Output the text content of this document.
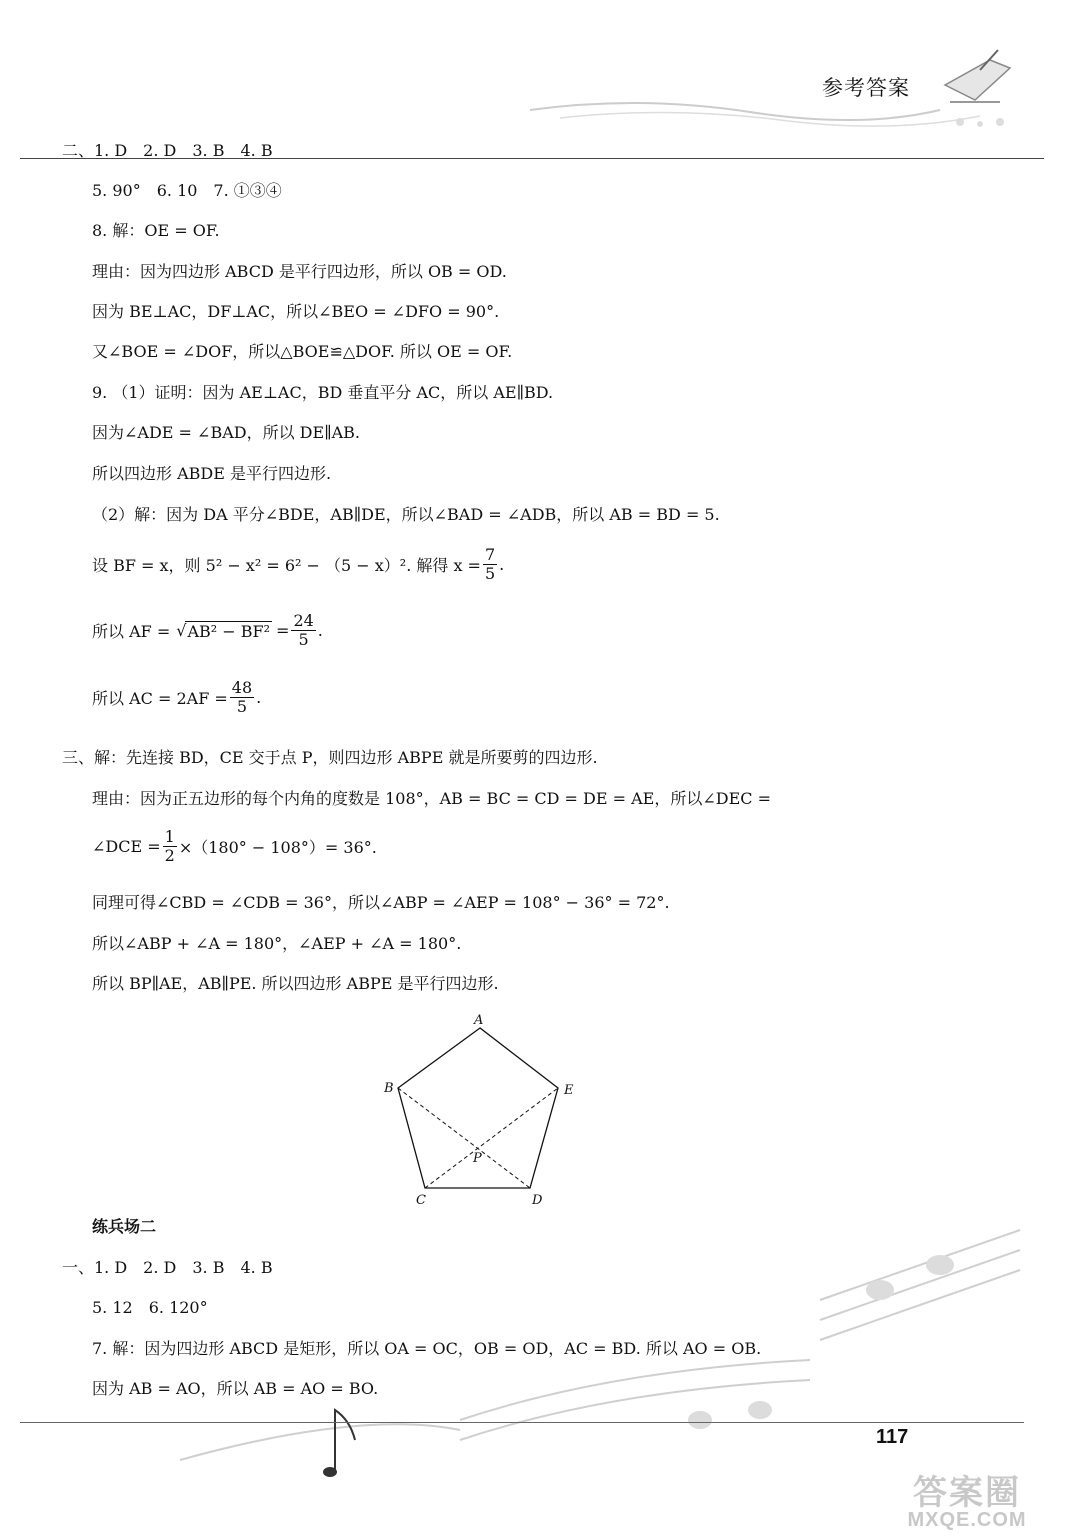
参考答案
二、1. D　2. D　3. B　4. B
5. 90°　6. 10　7. ①③④
8. 解：OE = OF.
理由：因为四边形 ABCD 是平行四边形，所以 OB = OD.
因为 BE⊥AC，DF⊥AC，所以∠BEO = ∠DFO = 90°.
又∠BOE = ∠DOF，所以△BOE≌△DOF. 所以 OE = OF.
9. （1）证明：因为 AE⊥AC，BD 垂直平分 AC，所以 AE∥BD.
因为∠ADE = ∠BAD，所以 DE∥AB.
所以四边形 ABDE 是平行四边形.
（2）解：因为 DA 平分∠BDE，AB∥DE，所以∠BAD = ∠ADB，所以 AB = BD = 5.
设 BF = x，则 5² − x² = 6² − （5 − x）². 解得 $x = \frac{7}{5}$ .
所以 AF = √ $AB^2 - BF^2 = \frac{24}{5}$ .
所以 AC = $2AF = \frac{48}{5}$ .
三、解：先连接 BD，CE 交于点 P，则四边形 ABPE 就是所要剪的四边形.
理由：因为正五边形的每个内角的度数是 108°，AB = BC = CD = DE = AE，所以∠DEC =
∠DCE = $\frac{1}{2} \times(180^\circ - 108^\circ)= 36^\circ$.
同理可得∠CBD = ∠CDB = 36°，所以∠ABP = ∠AEP = 108° − 36° = 72°.
所以∠ABP + ∠A = 180°，∠AEP + ∠A = 180°.
所以 BP∥AE，AB∥PE. 所以四边形 ABPE 是平行四边形.
A
B	E
P
C	D
练兵场二
一、1. D　2. D　3. B　4. B
5. 12　6. 120°
7. 解：因为四边形 ABCD 是矩形，所以 OA = OC，OB = OD，AC = BD. 所以 AO = OB.
因为 AB = AO，所以 AB = AO = BO.
117
答案圈
MXQE.COM
